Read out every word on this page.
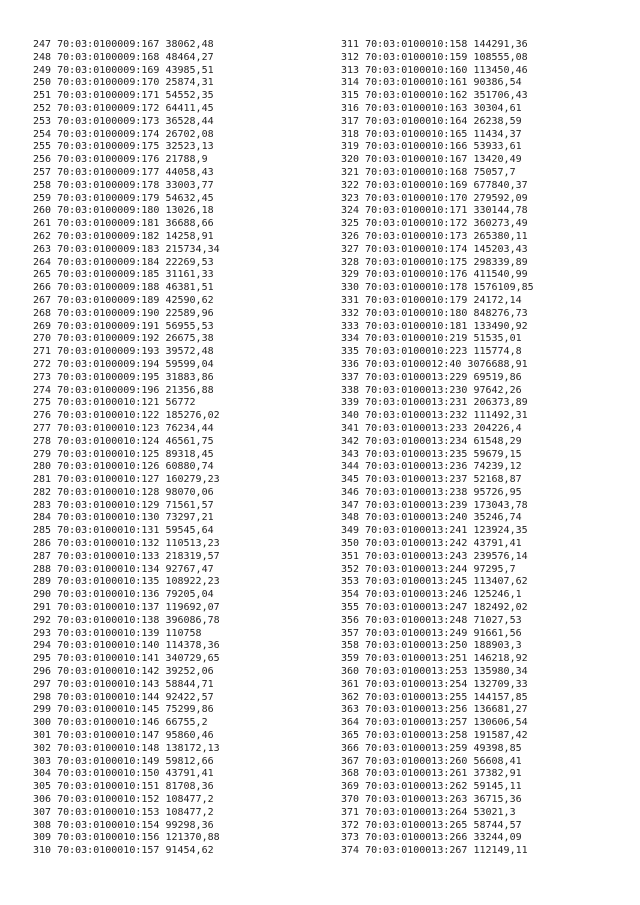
247 70:03:0100009:167 38062,48
248 70:03:0100009:168 48464,27
249 70:03:0100009:169 43985,51
250 70:03:0100009:170 25874,31
251 70:03:0100009:171 54552,35
252 70:03:0100009:172 64411,45
253 70:03:0100009:173 36528,44
254 70:03:0100009:174 26702,08
255 70:03:0100009:175 32523,13
256 70:03:0100009:176 21788,9
257 70:03:0100009:177 44058,43
258 70:03:0100009:178 33003,77
259 70:03:0100009:179 54632,45
260 70:03:0100009:180 13026,18
261 70:03:0100009:181 36688,66
262 70:03:0100009:182 14258,91
263 70:03:0100009:183 215734,34
264 70:03:0100009:184 22269,53
265 70:03:0100009:185 31161,33
266 70:03:0100009:188 46381,51
267 70:03:0100009:189 42590,62
268 70:03:0100009:190 22589,96
269 70:03:0100009:191 56955,53
270 70:03:0100009:192 26675,38
271 70:03:0100009:193 39572,48
272 70:03:0100009:194 59599,04
273 70:03:0100009:195 31883,86
274 70:03:0100009:196 21356,88
275 70:03:0100010:121 56772
276 70:03:0100010:122 185276,02
277 70:03:0100010:123 76234,44
278 70:03:0100010:124 46561,75
279 70:03:0100010:125 89318,45
280 70:03:0100010:126 60880,74
281 70:03:0100010:127 160279,23
282 70:03:0100010:128 98070,06
283 70:03:0100010:129 71561,57
284 70:03:0100010:130 73297,21
285 70:03:0100010:131 59545,64
286 70:03:0100010:132 110513,23
287 70:03:0100010:133 218319,57
288 70:03:0100010:134 92767,47
289 70:03:0100010:135 108922,23
290 70:03:0100010:136 79205,04
291 70:03:0100010:137 119692,07
292 70:03:0100010:138 396086,78
293 70:03:0100010:139 110758
294 70:03:0100010:140 114378,36
295 70:03:0100010:141 340729,65
296 70:03:0100010:142 39252,06
297 70:03:0100010:143 58844,71
298 70:03:0100010:144 92422,57
299 70:03:0100010:145 75299,86
300 70:03:0100010:146 66755,2
301 70:03:0100010:147 95860,46
302 70:03:0100010:148 138172,13
303 70:03:0100010:149 59812,66
304 70:03:0100010:150 43791,41
305 70:03:0100010:151 81708,36
306 70:03:0100010:152 108477,2
307 70:03:0100010:153 108477,2
308 70:03:0100010:154 99298,36
309 70:03:0100010:156 121370,88
310 70:03:0100010:157 91454,62
311 70:03:0100010:158 144291,36
312 70:03:0100010:159 108555,08
313 70:03:0100010:160 113450,46
314 70:03:0100010:161 90386,54
315 70:03:0100010:162 351706,43
316 70:03:0100010:163 30304,61
317 70:03:0100010:164 26238,59
318 70:03:0100010:165 11434,37
319 70:03:0100010:166 53933,61
320 70:03:0100010:167 13420,49
321 70:03:0100010:168 75057,7
322 70:03:0100010:169 677840,37
323 70:03:0100010:170 279592,09
324 70:03:0100010:171 330144,78
325 70:03:0100010:172 360273,49
326 70:03:0100010:173 265380,11
327 70:03:0100010:174 145203,43
328 70:03:0100010:175 298339,89
329 70:03:0100010:176 411540,99
330 70:03:0100010:178 1576109,85
331 70:03:0100010:179 24172,14
332 70:03:0100010:180 848276,73
333 70:03:0100010:181 133490,92
334 70:03:0100010:219 51535,01
335 70:03:0100010:223 115774,8
336 70:03:0100012:40 3076688,91
337 70:03:0100013:229 69519,86
338 70:03:0100013:230 97642,26
339 70:03:0100013:231 206373,89
340 70:03:0100013:232 111492,31
341 70:03:0100013:233 204226,4
342 70:03:0100013:234 61548,29
343 70:03:0100013:235 59679,15
344 70:03:0100013:236 74239,12
345 70:03:0100013:237 52168,87
346 70:03:0100013:238 95726,95
347 70:03:0100013:239 173043,78
348 70:03:0100013:240 35246,74
349 70:03:0100013:241 123924,35
350 70:03:0100013:242 43791,41
351 70:03:0100013:243 239576,14
352 70:03:0100013:244 97295,7
353 70:03:0100013:245 113407,62
354 70:03:0100013:246 125246,1
355 70:03:0100013:247 182492,02
356 70:03:0100013:248 71027,53
357 70:03:0100013:249 91661,56
358 70:03:0100013:250 188903,3
359 70:03:0100013:251 146218,92
360 70:03:0100013:253 135980,34
361 70:03:0100013:254 132709,33
362 70:03:0100013:255 144157,85
363 70:03:0100013:256 136681,27
364 70:03:0100013:257 130606,54
365 70:03:0100013:258 191587,42
366 70:03:0100013:259 49398,85
367 70:03:0100013:260 56608,41
368 70:03:0100013:261 37382,91
369 70:03:0100013:262 59145,11
370 70:03:0100013:263 36715,36
371 70:03:0100013:264 53021,3
372 70:03:0100013:265 58744,57
373 70:03:0100013:266 33244,09
374 70:03:0100013:267 112149,11
